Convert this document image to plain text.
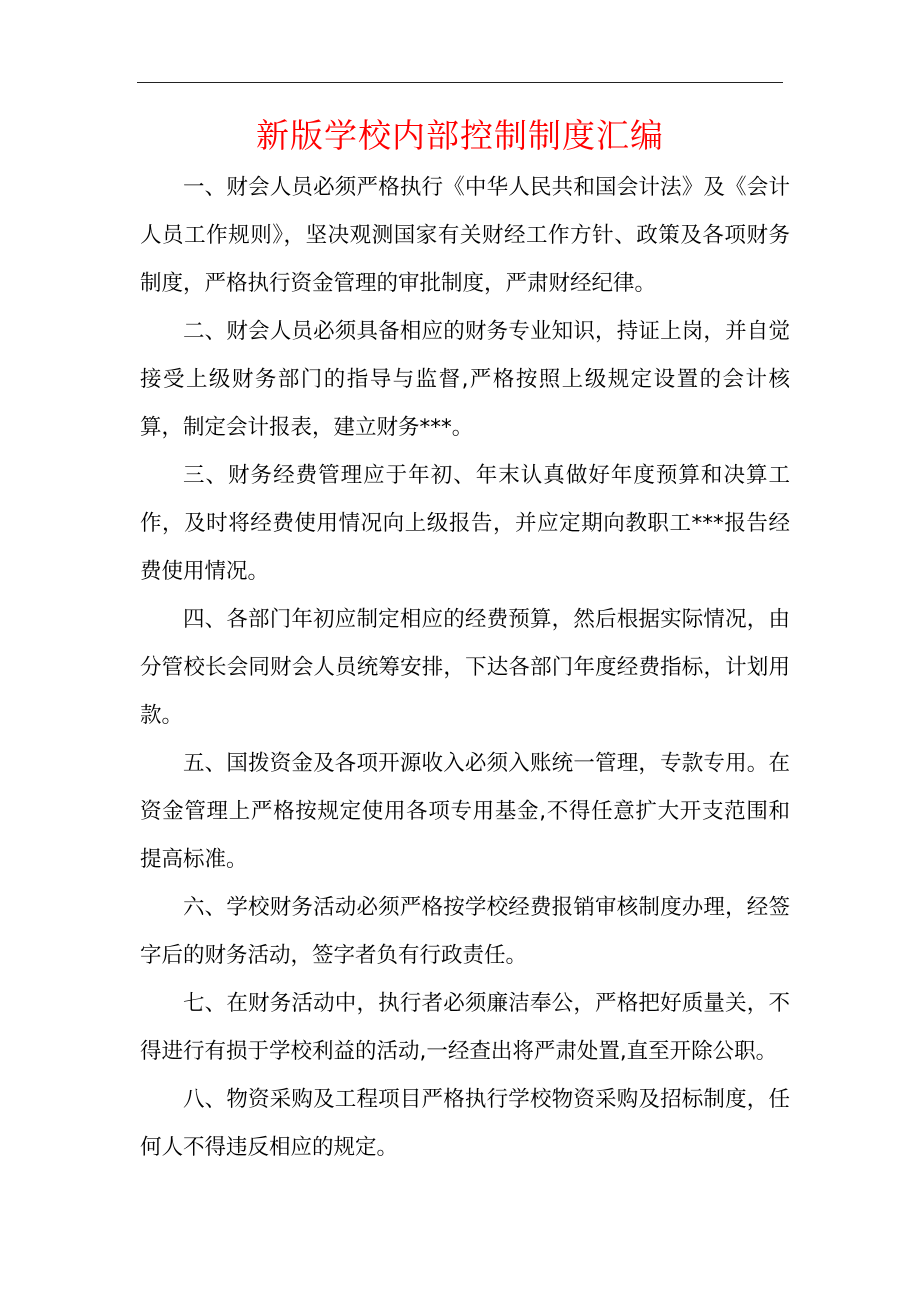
新版学校内部控制制度汇编

一、财会人员必须严格执行《中华人民共和国会计法》及《会计人员工作规则》，坚决观测国家有关财经工作方针、政策及各项财务制度，严格执行资金管理的审批制度，严肃财经纪律。

二、财会人员必须具备相应的财务专业知识，持证上岗，并自觉接受上级财务部门的指导与监督,严格按照上级规定设置的会计核算，制定会计报表，建立财务***。

三、财务经费管理应于年初、年末认真做好年度预算和决算工作，及时将经费使用情况向上级报告，并应定期向教职工***报告经费使用情况。

四、各部门年初应制定相应的经费预算，然后根据实际情况，由分管校长会同财会人员统筹安排，下达各部门年度经费指标，计划用款。

五、国拨资金及各项开源收入必须入账统一管理，专款专用。在资金管理上严格按规定使用各项专用基金,不得任意扩大开支范围和提高标准。

六、学校财务活动必须严格按学校经费报销审核制度办理，经签字后的财务活动，签字者负有行政责任。

七、在财务活动中，执行者必须廉洁奉公，严格把好质量关，不得进行有损于学校利益的活动,一经查出将严肃处置,直至开除公职。

八、物资采购及工程项目严格执行学校物资采购及招标制度，任何人不得违反相应的规定。
